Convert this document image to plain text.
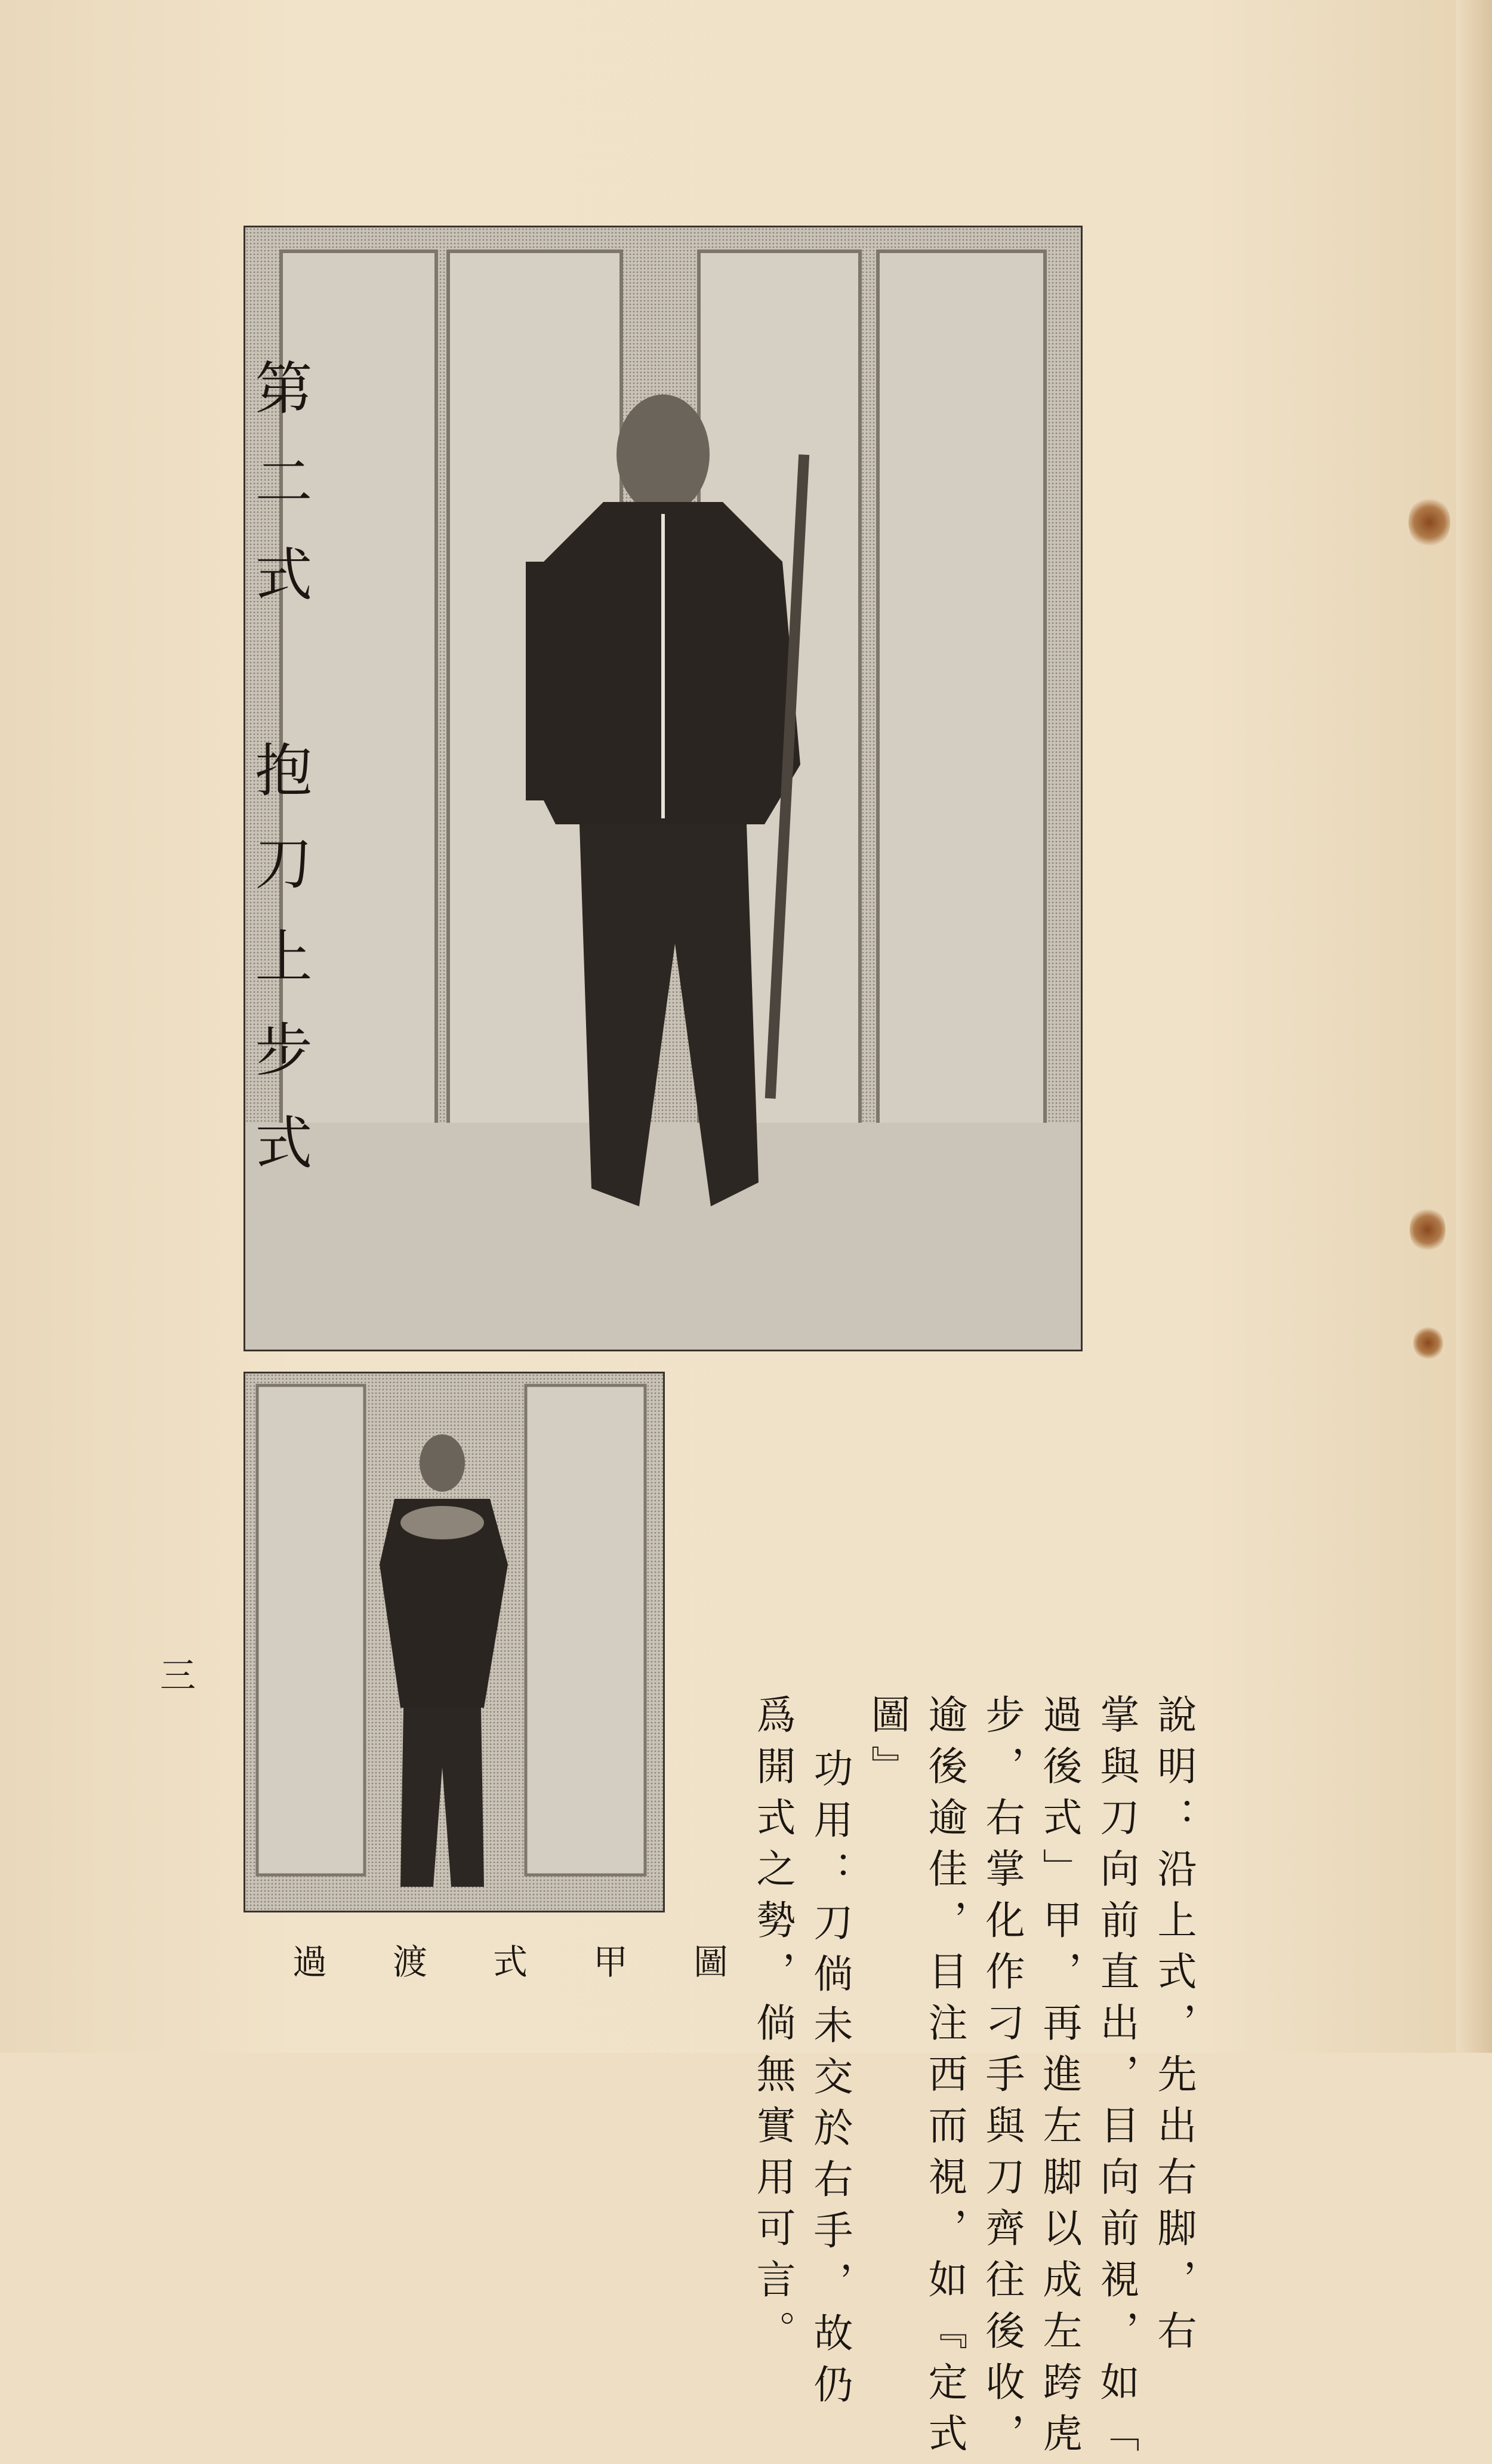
第二式 抱刀上步式

說明：沿上式，先出右脚，右
掌與刀向前直出，目向前視，如「
過後式」甲，再進左脚以成左跨虎
步，右掌化作刁手與刀齊往後收，
逾後逾佳，目注西而視，如『定式
圖』
功用：刀倘未交於右手，故仍
爲開式之勢，倘無實用可言。

過渡式甲圖
三
